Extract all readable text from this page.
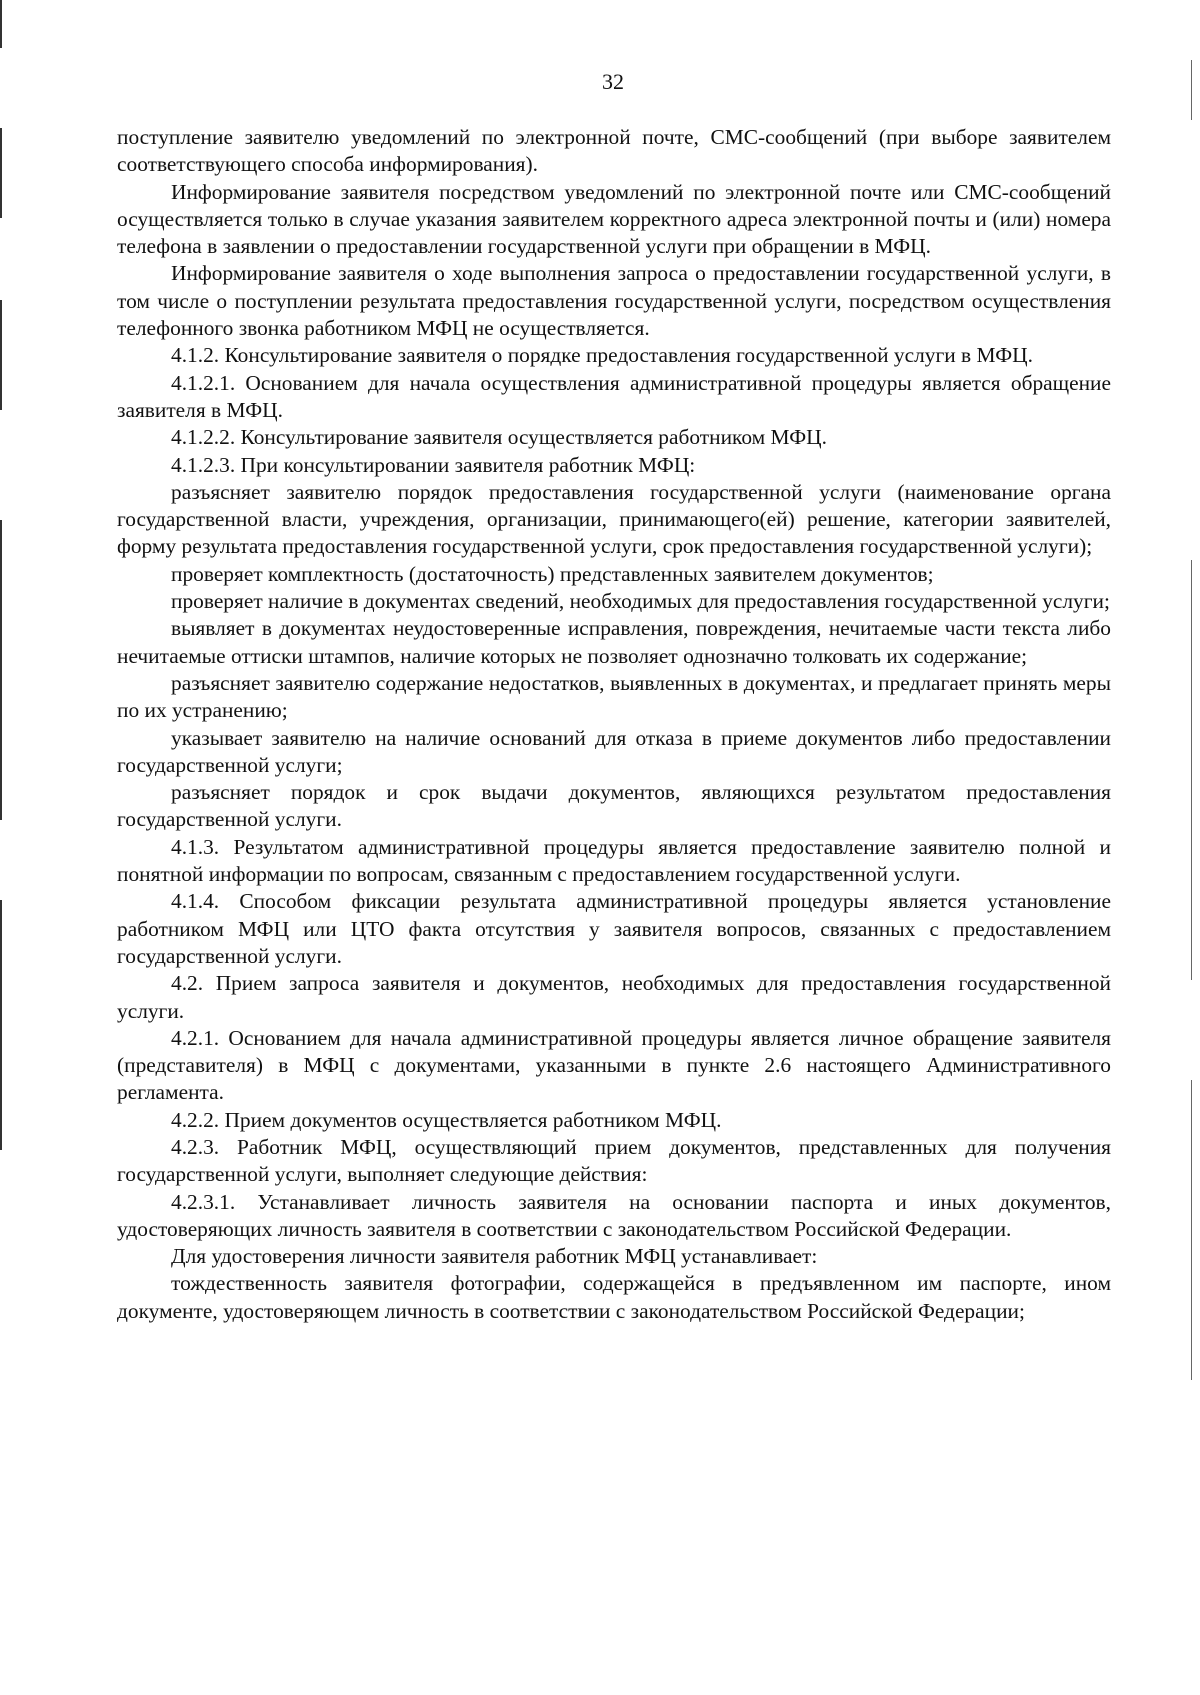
32

поступление заявителю уведомлений по электронной почте, СМС-сообщений (при выборе заявителем соответствующего способа информирования).

Информирование заявителя посредством уведомлений по электронной почте или СМС-сообщений осуществляется только в случае указания заявителем корректного адреса электронной почты и (или) номера телефона в заявлении о предоставлении государственной услуги при обращении в МФЦ.

Информирование заявителя о ходе выполнения запроса о предоставлении государственной услуги, в том числе о поступлении результата предоставления государственной услуги, посредством осуществления телефонного звонка работником МФЦ не осуществляется.

4.1.2. Консультирование заявителя о порядке предоставления государственной услуги в МФЦ.

4.1.2.1. Основанием для начала осуществления административной процедуры является обращение заявителя в МФЦ.

4.1.2.2. Консультирование заявителя осуществляется работником МФЦ.

4.1.2.3. При консультировании заявителя работник МФЦ:

разъясняет заявителю порядок предоставления государственной услуги (наименование органа государственной власти, учреждения, организации, принимающего(ей) решение, категории заявителей, форму результата предоставления государственной услуги, срок предоставления государственной услуги);

проверяет комплектность (достаточность) представленных заявителем документов;

проверяет наличие в документах сведений, необходимых для предоставления государственной услуги;

выявляет в документах неудостоверенные исправления, повреждения, нечитаемые части текста либо нечитаемые оттиски штампов, наличие которых не позволяет однозначно толковать их содержание;

разъясняет заявителю содержание недостатков, выявленных в документах, и предлагает принять меры по их устранению;

указывает заявителю на наличие оснований для отказа в приеме документов либо предоставлении государственной услуги;

разъясняет порядок и срок выдачи документов, являющихся результатом предоставления государственной услуги.

4.1.3. Результатом административной процедуры является предоставление заявителю полной и понятной информации по вопросам, связанным с предоставлением государственной услуги.

4.1.4. Способом фиксации результата административной процедуры является установление работником МФЦ или ЦТО факта отсутствия у заявителя вопросов, связанных с предоставлением государственной услуги.

4.2. Прием запроса заявителя и документов, необходимых для предоставления государственной услуги.

4.2.1. Основанием для начала административной процедуры является личное обращение заявителя (представителя) в МФЦ с документами, указанными в пункте 2.6 настоящего Административного регламента.

4.2.2. Прием документов осуществляется работником МФЦ.

4.2.3. Работник МФЦ, осуществляющий прием документов, представленных для получения государственной услуги, выполняет следующие действия:

4.2.3.1. Устанавливает личность заявителя на основании паспорта и иных документов, удостоверяющих личность заявителя в соответствии с законодательством Российской Федерации.

Для удостоверения личности заявителя работник МФЦ устанавливает:

тождественность заявителя фотографии, содержащейся в предъявленном им паспорте, ином документе, удостоверяющем личность в соответствии с законодательством Российской Федерации;
